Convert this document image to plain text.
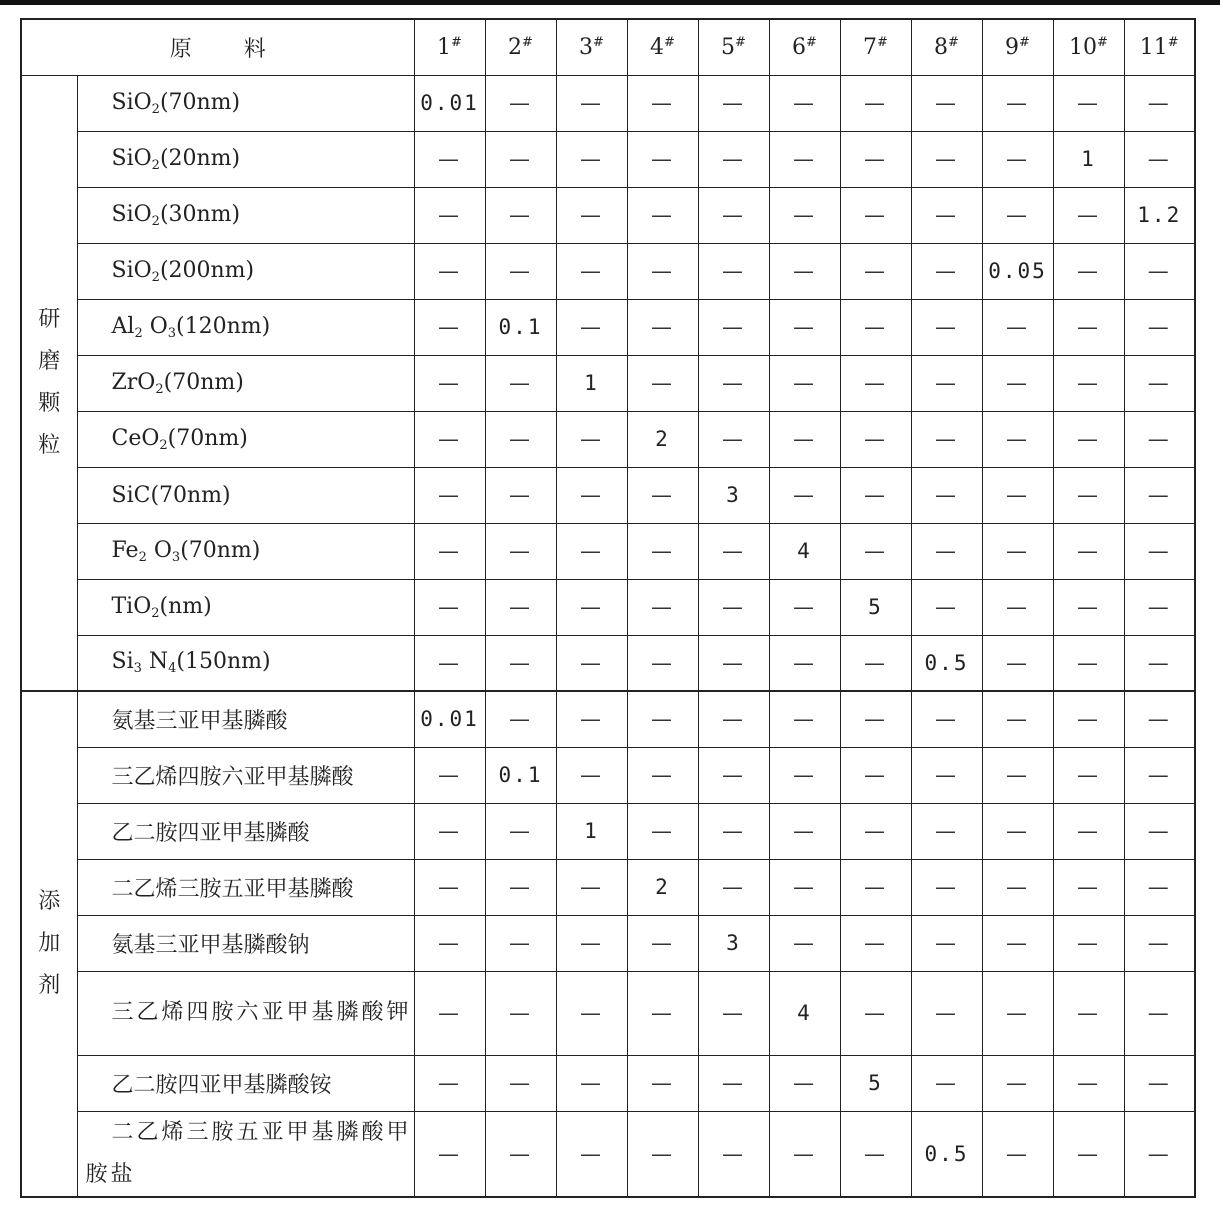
原 料		1#	2#	3#	4#	5#	6#	7#	8#	9#	10#	11#
研
磨
颗
粒	SiO$_2$(70nm)	0.01	—	—	—	—	—	—	—	—	—	—
	SiO$_2$(20nm)	—	—	—	—	—	—	—	—	—	1	—
	SiO$_2$(30nm)	—	—	—	—	—	—	—	—	—	—	1.2
	SiO$_2$(200nm)	—	—	—	—	—	—	—	—	0.05	—	—
	$Al_2$ $O_3(120nm)$	—	0.1	—	—	—	—	—	—	—	—	—
	ZrO$_2$(70nm)	—	—	1	—	—	—	—	—	—	—	—
	CeO$_2$(70nm)	—	—	—	2	—	—	—	—	—	—	—
	SiC(70nm)	—	—	—	—	3	—	—	—	—	—	—
	$Fe_2$ $O_3(70nm)$	—	—	—	—	—	4	—	—	—	—	—
	TiO$_2$(nm)	—	—	—	—	—	—	5	—	—	—	—
	$Si_3$ $N_4(150nm)$	—	—	—	—	—	—	—	0.5	—	—	—
添
加
剂	氨基三亚甲基膦酸	0.01	—	—	—	—	—	—	—	—	—	—
	三乙烯四胺六亚甲基膦酸	—	0.1	—	—	—	—	—	—	—	—	—
	乙二胺四亚甲基膦酸	—	—	1	—	—	—	—	—	—	—	—
	二乙烯三胺五亚甲基膦酸	—	—	—	2	—	—	—	—	—	—	—
	氨基三亚甲基膦酸钠	—	—	—	—	3	—	—	—	—	—	—
	三乙烯四胺六亚甲基膦酸钾	—	—	—	—	—	4	—	—	—	—	—
	乙二胺四亚甲基膦酸铵	—	—	—	—	—	—	5	—	—	—	—
	二乙烯三胺五亚甲基膦酸甲胺盐	—	—	—	—	—	—	—	0.5	—	—	—
